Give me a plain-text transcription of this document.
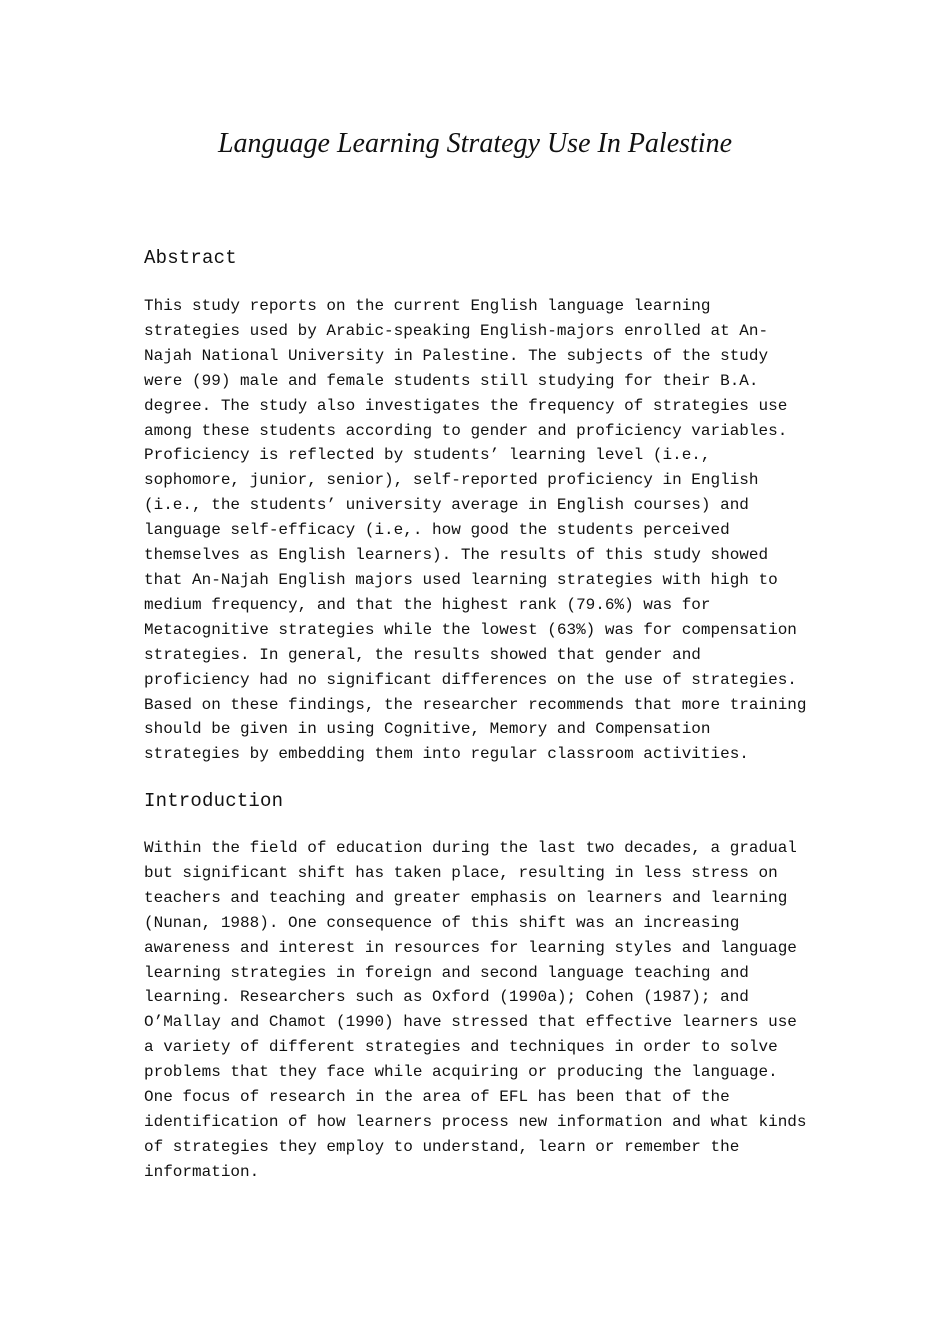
Language Learning Strategy Use In Palestine
Abstract
This study reports on the current English language learning
strategies used by Arabic-speaking English-majors enrolled at An-
Najah National University in Palestine. The subjects of the study
were (99) male and female students still studying for their B.A.
degree. The study also investigates the frequency of strategies use
among these students according to gender and proficiency variables.
Proficiency is reflected by students’ learning level (i.e.,
sophomore, junior, senior), self-reported proficiency in English
(i.e., the students’ university average in English courses) and
language self-efficacy (i.e,. how good the students perceived
themselves as English learners). The results of this study showed
that An-Najah English majors used learning strategies with high to
medium frequency, and that the highest rank (79.6%) was for
Metacognitive strategies while the lowest (63%) was for compensation
strategies. In general, the results showed that gender and
proficiency had no significant differences on the use of strategies.
Based on these findings, the researcher recommends that more training
should be given in using Cognitive, Memory and Compensation
strategies by embedding them into regular classroom activities.
Introduction
Within the field of education during the last two decades, a gradual
but significant shift has taken place, resulting in less stress on
teachers and teaching and greater emphasis on learners and learning
(Nunan, 1988). One consequence of this shift was an increasing
awareness and interest in resources for learning styles and language
learning strategies in foreign and second language teaching and
learning. Researchers such as Oxford (1990a); Cohen (1987); and
O’Mallay and Chamot (1990) have stressed that effective learners use
a variety of different strategies and techniques in order to solve
problems that they face while acquiring or producing the language.
One focus of research in the area of EFL has been that of the
identification of how learners process new information and what kinds
of strategies they employ to understand, learn or remember the
information.
